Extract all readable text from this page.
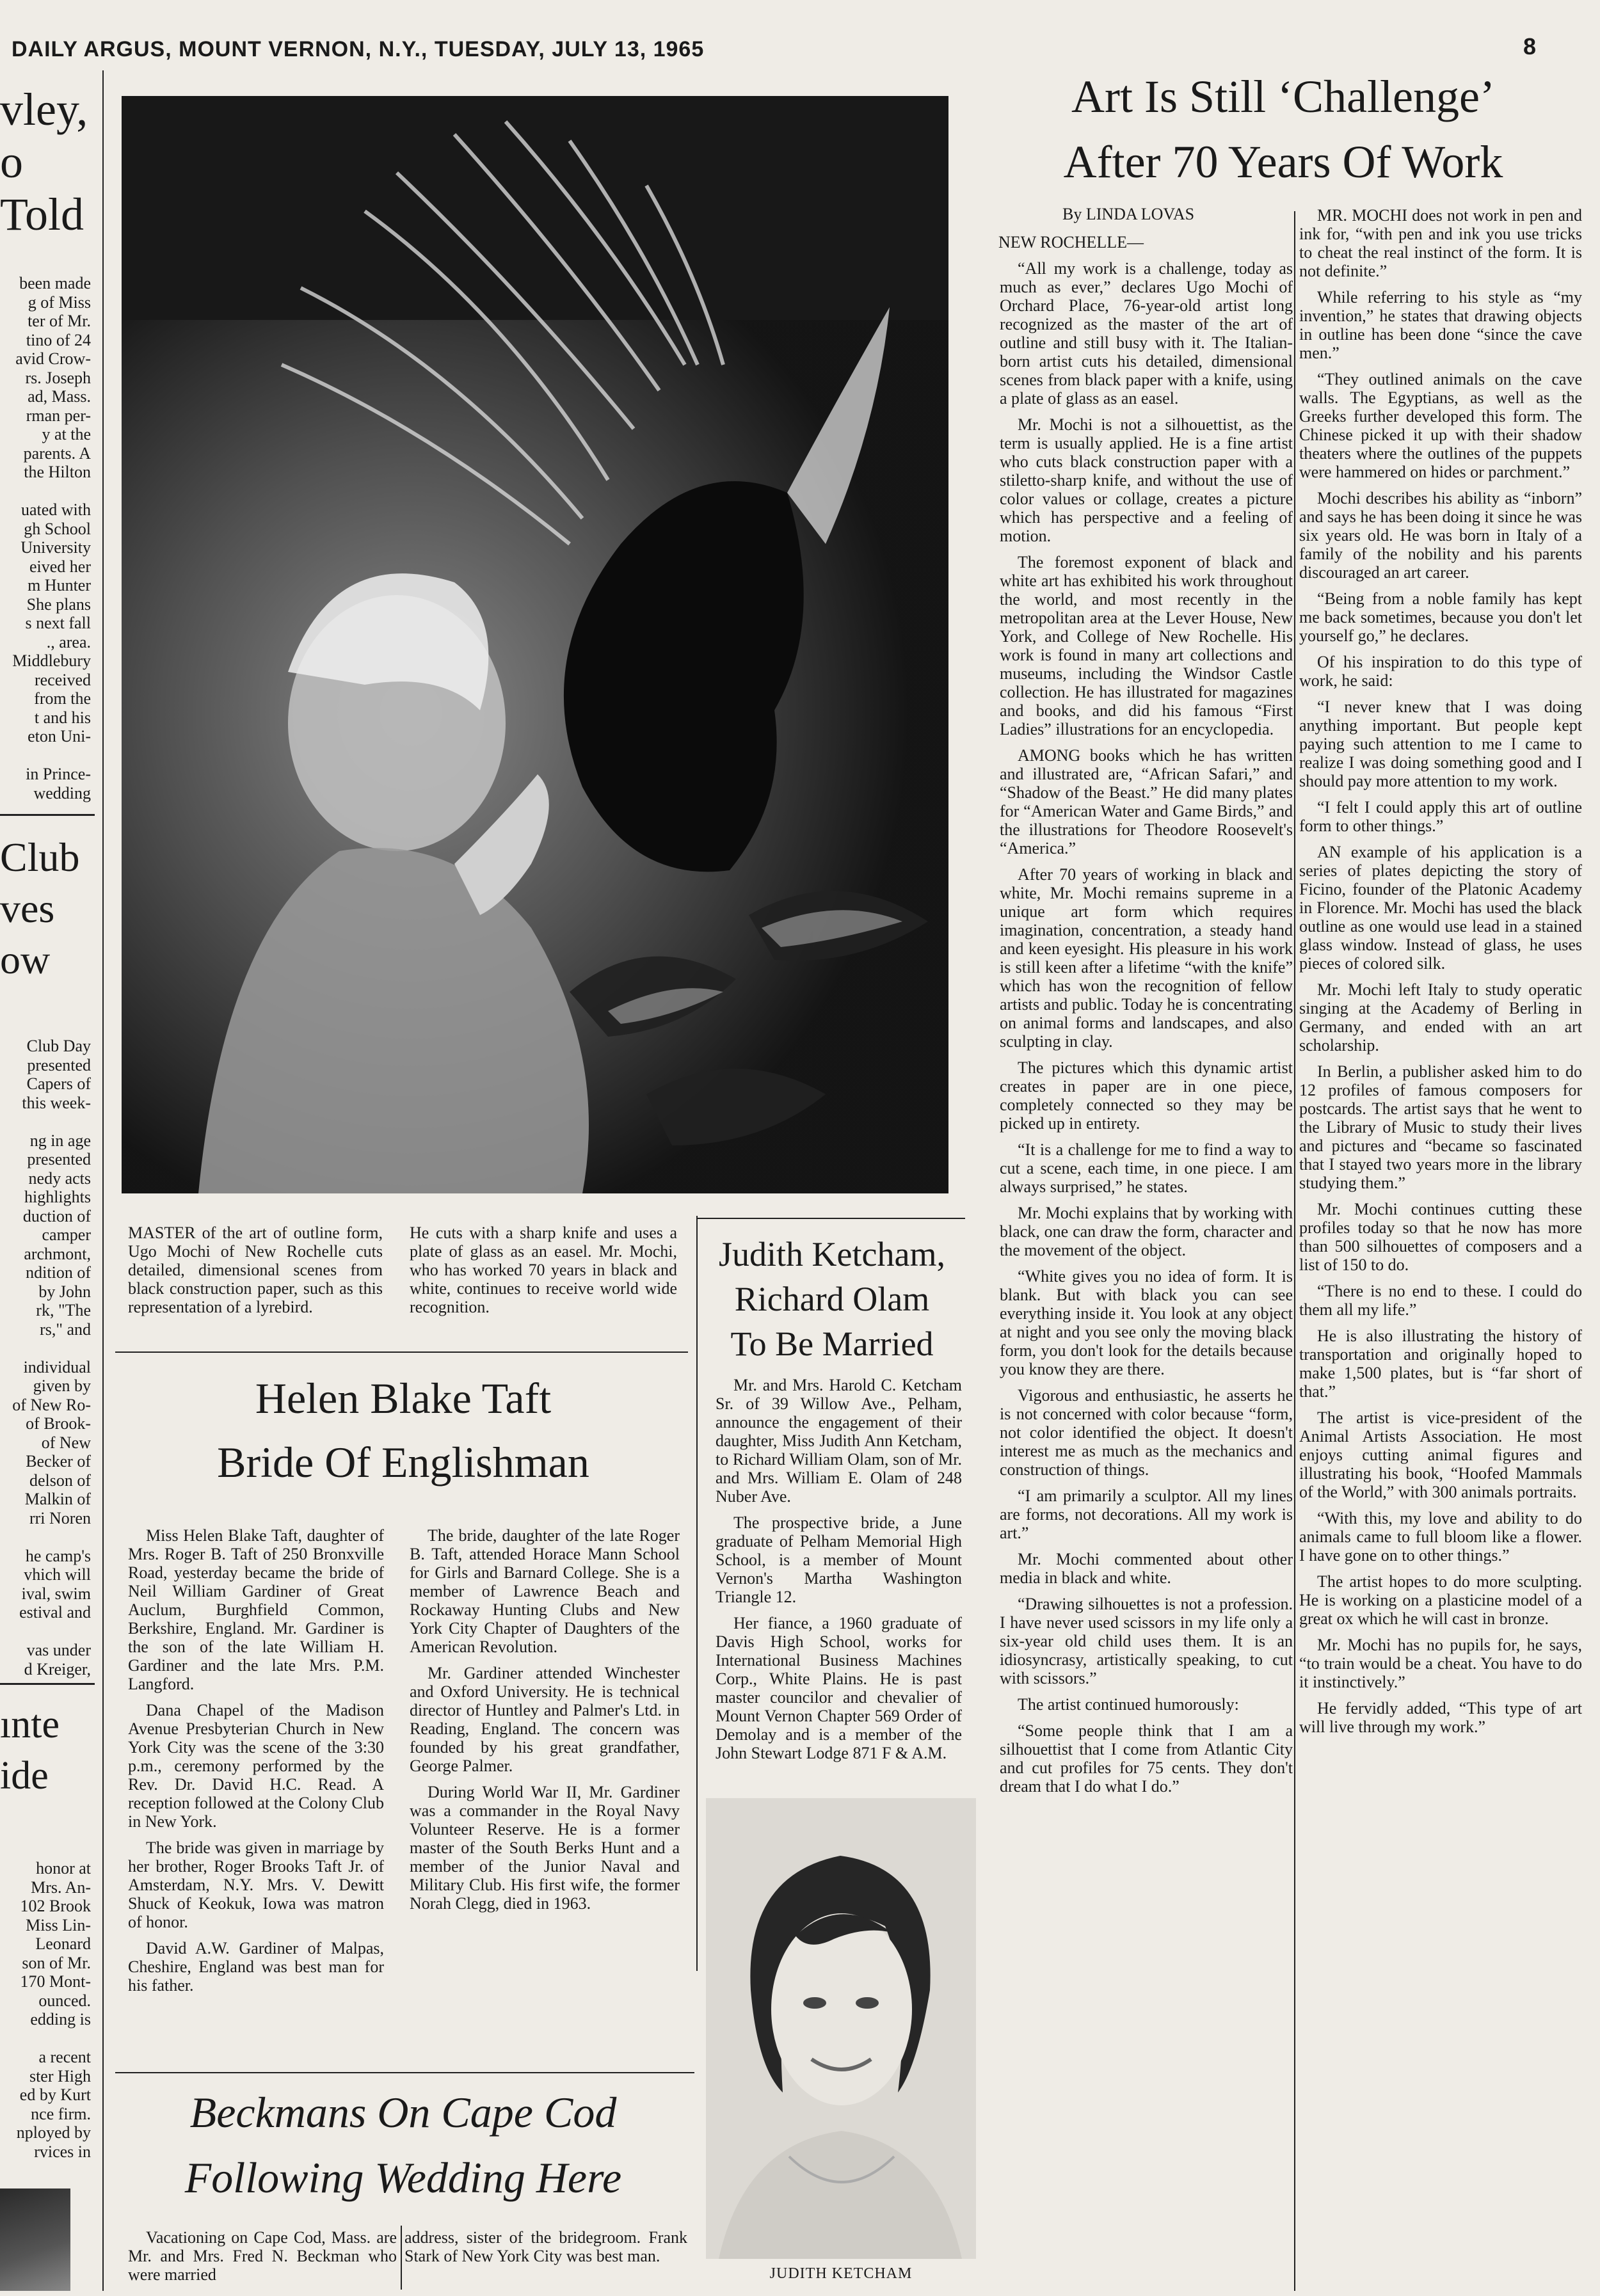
DAILY ARGUS, MOUNT VERNON, N.Y., TUESDAY, JULY 13, 1965	8
vley,
o
Told
been made
g of Miss
ter of Mr.
tino of 24
avid Crow-
rs. Joseph
ad, Mass.
rman per-
y at the
parents. A
the Hilton
uated with
gh School
University
eived her
m Hunter
She plans
s next fall
., area.
Middlebury
received
from the
t and his
eton Uni-
in Prince-
wedding
Club
ves
ow
Club Day
presented
Capers of
this week-
ng in age
presented
nedy acts
highlights
duction of
camper
archmont,
ndition of
by John
rk, "The
rs," and
individual
given by
of New Ro-
of Brook-
of New
Becker of
delson of
Malkin of
rri Noren
he camp's
vhich will
ival, swim
estival and
vas under
d Kreiger,
ınte
ide
honor at
Mrs. An-
102 Brook
Miss Lin-
Leonard
son of Mr.
170 Mont-
ounced.
edding is
a recent
ster High
ed by Kurt
nce firm.
nployed by
rvices in
MASTER of the art of outline form, Ugo Mochi of New Rochelle cuts detailed, dimensional scenes from black construction paper, such as this representation of a lyrebird.
He cuts with a sharp knife and uses a plate of glass as an easel. Mr. Mochi, who has worked 70 years in black and white, continues to receive world wide recognition.
Helen Blake Taft
Bride Of Englishman

Miss Helen Blake Taft, daughter of Mrs. Roger B. Taft of 250 Bronxville Road, yesterday became the bride of Neil William Gardiner of Great Auclum, Burghfield Common, Berkshire, England. Mr. Gardiner is the son of the late William H. Gardiner and the late Mrs. P.M. Langford.

Dana Chapel of the Madison Avenue Presbyterian Church in New York City was the scene of the 3:30 p.m., ceremony performed by the Rev. Dr. David H.C. Read. A reception followed at the Colony Club in New York.

The bride was given in marriage by her brother, Roger Brooks Taft Jr. of Amsterdam, N.Y. Mrs. V. Dewitt Shuck of Keokuk, Iowa was matron of honor.

David A.W. Gardiner of Malpas, Cheshire, England was best man for his father.

The bride, daughter of the late Roger B. Taft, attended Horace Mann School for Girls and Barnard College. She is a member of Lawrence Beach and Rockaway Hunting Clubs and New York City Chapter of Daughters of the American Revolution.

Mr. Gardiner attended Winchester and Oxford University. He is technical director of Huntley and Palmer's Ltd. in Reading, England. The concern was founded by his great grandfather, George Palmer.

During World War II, Mr. Gardiner was a commander in the Royal Navy Volunteer Reserve. He is a former master of the South Berks Hunt and a member of the Junior Naval and Military Club. His first wife, the former Norah Clegg, died in 1963.

Beckmans On Cape Cod
Following Wedding Here

Vacationing on Cape Cod, Mass. are Mr. and Mrs. Fred N. Beckman who were married

address, sister of the bridegroom. Frank Stark of New York City was best man.

Judith Ketcham,
Richard Olam
To Be Married

Mr. and Mrs. Harold C. Ketcham Sr. of 39 Willow Ave., Pelham, announce the engagement of their daughter, Miss Judith Ann Ketcham, to Richard William Olam, son of Mr. and Mrs. William E. Olam of 248 Nuber Ave.

The prospective bride, a June graduate of Pelham Memorial High School, is a member of Mount Vernon's Martha Washington Triangle 12.

Her fiance, a 1960 graduate of Davis High School, works for International Business Machines Corp., White Plains. He is past master councilor and chevalier of Mount Vernon Chapter 569 Order of Demolay and is a member of the John Stewart Lodge 871 F & A.M.

JUDITH KETCHAM
Art Is Still ‘Challenge’
After 70 Years Of Work
By LINDA LOVAS
NEW ROCHELLE—

“All my work is a challenge, today as much as ever,” declares Ugo Mochi of Orchard Place, 76-year-old artist long recognized as the master of the art of outline and still busy with it. The Italian-born artist cuts his detailed, dimensional scenes from black paper with a knife, using a plate of glass as an easel.

Mr. Mochi is not a silhouettist, as the term is usually applied. He is a fine artist who cuts black construction paper with a stiletto-sharp knife, and without the use of color values or collage, creates a picture which has perspective and a feeling of motion.

The foremost exponent of black and white art has exhibited his work throughout the world, and most recently in the metropolitan area at the Lever House, New York, and College of New Rochelle. His work is found in many art collections and museums, including the Windsor Castle collection. He has illustrated for magazines and books, and did his famous “First Ladies” illustrations for an encyclopedia.

AMONG books which he has written and illustrated are, “African Safari,” and “Shadow of the Beast.” He did many plates for “American Water and Game Birds,” and the illustrations for Theodore Roosevelt's “America.”

After 70 years of working in black and white, Mr. Mochi remains supreme in a unique art form which requires imagination, concentration, a steady hand and keen eyesight. His pleasure in his work is still keen after a lifetime “with the knife” which has won the recognition of fellow artists and public. Today he is concentrating on animal forms and landscapes, and also sculpting in clay.

The pictures which this dynamic artist creates in paper are in one piece, completely connected so they may be picked up in entirety.

“It is a challenge for me to find a way to cut a scene, each time, in one piece. I am always surprised,” he states.

Mr. Mochi explains that by working with black, one can draw the form, character and the movement of the object.

“White gives you no idea of form. It is blank. But with black you can see everything inside it. You look at any object at night and you see only the moving black form, you don't look for the details because you know they are there.

Vigorous and enthusiastic, he asserts he is not concerned with color because “form, not color identified the object. It doesn't interest me as much as the mechanics and construction of things.

“I am primarily a sculptor. All my lines are forms, not decorations. All my work is art.”

Mr. Mochi commented about other media in black and white.

“Drawing silhouettes is not a profession. I have never used scissors in my life only a six-year old child uses them. It is an idiosyncrasy, artistically speaking, to cut with scissors.”

The artist continued humorously:

“Some people think that I am a silhouettist that I come from Atlantic City and cut profiles for 75 cents. They don't dream that I do what I do.”

MR. MOCHI does not work in pen and ink for, “with pen and ink you use tricks to cheat the real instinct of the form. It is not definite.”

While referring to his style as “my invention,” he states that drawing objects in outline has been done “since the cave men.”

“They outlined animals on the cave walls. The Egyptians, as well as the Greeks further developed this form. The Chinese picked it up with their shadow theaters where the outlines of the puppets were hammered on hides or parchment.”

Mochi describes his ability as “inborn” and says he has been doing it since he was six years old. He was born in Italy of a family of the nobility and his parents discouraged an art career.

“Being from a noble family has kept me back sometimes, because you don't let yourself go,” he declares.

Of his inspiration to do this type of work, he said:

“I never knew that I was doing anything important. But people kept paying such attention to me I came to realize I was doing something good and I should pay more attention to my work.

“I felt I could apply this art of outline form to other things.”

AN example of his application is a series of plates depicting the story of Ficino, founder of the Platonic Academy in Florence. Mr. Mochi has used the black outline as one would use lead in a stained glass window. Instead of glass, he uses pieces of colored silk.

Mr. Mochi left Italy to study operatic singing at the Academy of Berling in Germany, and ended with an art scholarship.

In Berlin, a publisher asked him to do 12 profiles of famous composers for postcards. The artist says that he went to the Library of Music to study their lives and pictures and “became so fascinated that I stayed two years more in the library studying them.”

Mr. Mochi continues cutting these profiles today so that he now has more than 500 silhouettes of composers and a list of 150 to do.

“There is no end to these. I could do them all my life.”

He is also illustrating the history of transportation and originally hoped to make 1,500 plates, but is “far short of that.”

The artist is vice-president of the Animal Artists Association. He most enjoys cutting animal figures and illustrating his book, “Hoofed Mammals of the World,” with 300 animals portraits.

“With this, my love and ability to do animals came to full bloom like a flower. I have gone on to other things.”

The artist hopes to do more sculpting. He is working on a plasticine model of a great ox which he will cast in bronze.

Mr. Mochi has no pupils for, he says, “to train would be a cheat. You have to do it instinctively.”

He fervidly added, “This type of art will live through my work.”
